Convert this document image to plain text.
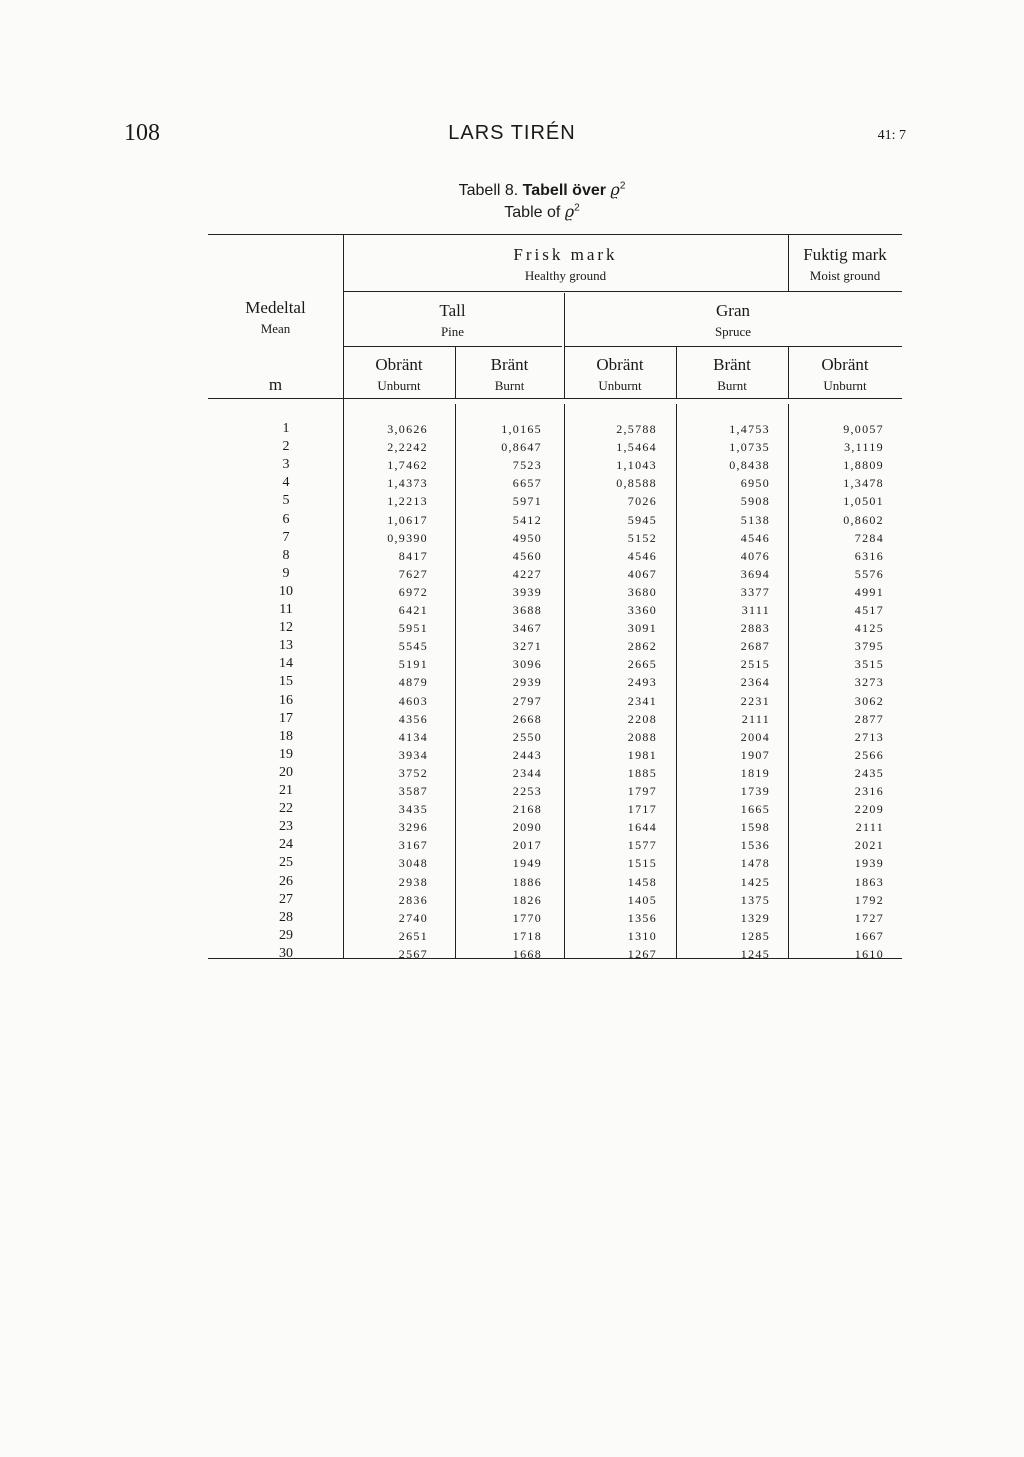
108	LARS TIRÉN	41: 7
Tabell 8. Tabell över $ϱ^2$
Table of $ϱ^2$
Frisk mark
Healthy ground
Fuktig mark
Moist ground
Medeltal
Mean
Tall
Pine
Gran
Spruce
m
Obränt
Unburnt
Bränt
Burnt
Obränt
Unburnt
Bränt
Burnt
Obränt
Unburnt
1	3,0626	1,0165	2,5788	1,4753	9,0057
2	2,2242	0,8647	1,5464	1,0735	3,1119
3	1,7462	7523	1,1043	0,8438	1,8809
4	1,4373	6657	0,8588	6950	1,3478
5	1,2213	5971	7026	5908	1,0501
6	1,0617	5412	5945	5138	0,8602
7	0,9390	4950	5152	4546	7284
8	8417	4560	4546	4076	6316
9	7627	4227	4067	3694	5576
10	6972	3939	3680	3377	4991
11	6421	3688	3360	3111	4517
12	5951	3467	3091	2883	4125
13	5545	3271	2862	2687	3795
14	5191	3096	2665	2515	3515
15	4879	2939	2493	2364	3273
16	4603	2797	2341	2231	3062
17	4356	2668	2208	2111	2877
18	4134	2550	2088	2004	2713
19	3934	2443	1981	1907	2566
20	3752	2344	1885	1819	2435
21	3587	2253	1797	1739	2316
22	3435	2168	1717	1665	2209
23	3296	2090	1644	1598	2111
24	3167	2017	1577	1536	2021
25	3048	1949	1515	1478	1939
26	2938	1886	1458	1425	1863
27	2836	1826	1405	1375	1792
28	2740	1770	1356	1329	1727
29	2651	1718	1310	1285	1667
30	2567	1668	1267	1245	1610
